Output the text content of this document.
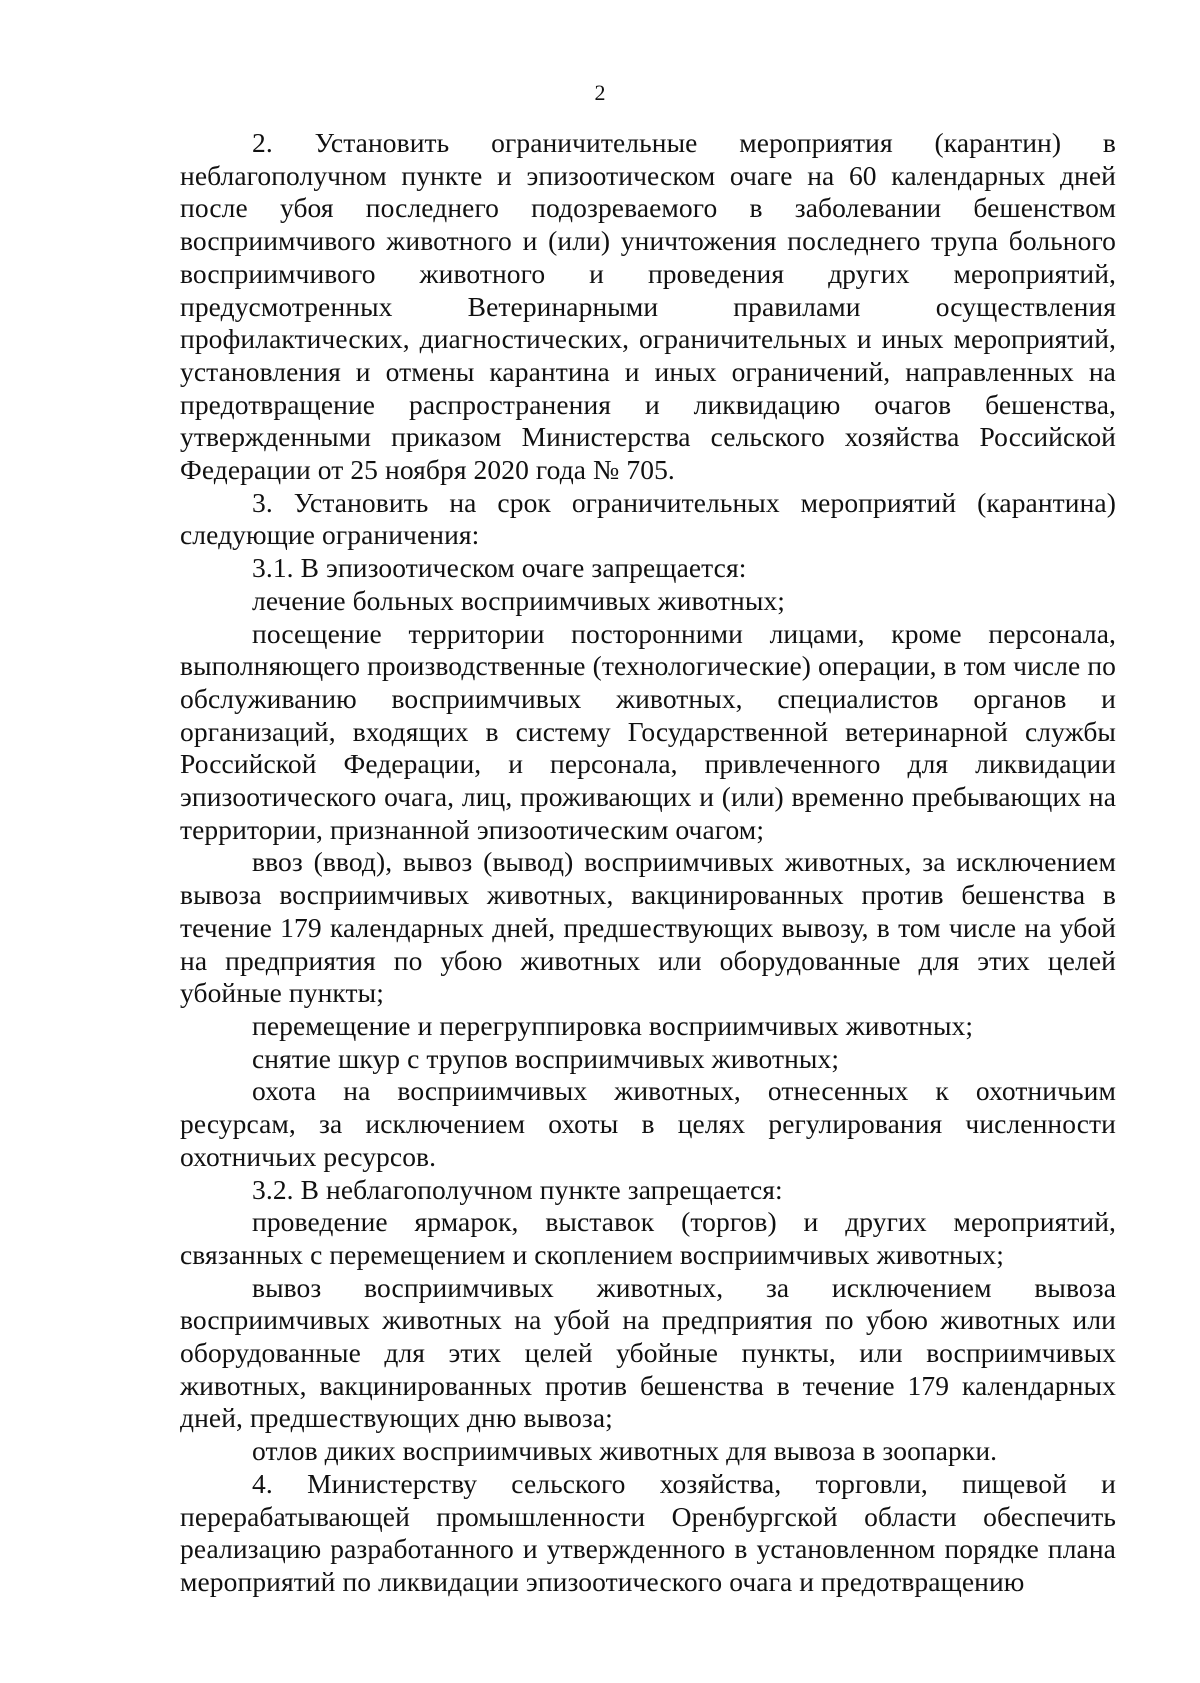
2

2. Установить ограничительные мероприятия (карантин) в неблагополучном пункте и эпизоотическом очаге на 60 календарных дней после убоя последнего подозреваемого в заболевании бешенством восприимчивого животного и (или) уничтожения последнего трупа больного восприимчивого животного и проведения других мероприятий, предусмотренных Ветеринарными правилами осуществления профилактических, диагностических, ограничительных и иных мероприятий, установления и отмены карантина и иных ограничений, направленных на предотвращение распространения и ликвидацию очагов бешенства, утвержденными приказом Министерства сельского хозяйства Российской Федерации от 25 ноября 2020 года № 705.

3. Установить на срок ограничительных мероприятий (карантина) следующие ограничения:

3.1. В эпизоотическом очаге запрещается:

лечение больных восприимчивых животных;

посещение территории посторонними лицами, кроме персонала, выполняющего производственные (технологические) операции, в том числе по обслуживанию восприимчивых животных, специалистов органов и организаций, входящих в систему Государственной ветеринарной службы Российской Федерации, и персонала, привлеченного для ликвидации эпизоотического очага, лиц, проживающих и (или) временно пребывающих на территории, признанной эпизоотическим очагом;

ввоз (ввод), вывоз (вывод) восприимчивых животных, за исключением вывоза восприимчивых животных, вакцинированных против бешенства в течение 179 календарных дней, предшествующих вывозу, в том числе на убой на предприятия по убою животных или оборудованные для этих целей убойные пункты;

перемещение и перегруппировка восприимчивых животных;

снятие шкур с трупов восприимчивых животных;

охота на восприимчивых животных, отнесенных к охотничьим ресурсам, за исключением охоты в целях регулирования численности охотничьих ресурсов.

3.2. В неблагополучном пункте запрещается:

проведение ярмарок, выставок (торгов) и других мероприятий, связанных с перемещением и скоплением восприимчивых животных;

вывоз восприимчивых животных, за исключением вывоза восприимчивых животных на убой на предприятия по убою животных или оборудованные для этих целей убойные пункты, или восприимчивых животных, вакцинированных против бешенства в течение 179 календарных дней, предшествующих дню вывоза;

отлов диких восприимчивых животных для вывоза в зоопарки.

4. Министерству сельского хозяйства, торговли, пищевой и перерабатывающей промышленности Оренбургской области обеспечить реализацию разработанного и утвержденного в установленном порядке плана мероприятий по ликвидации эпизоотического очага и предотвращению
